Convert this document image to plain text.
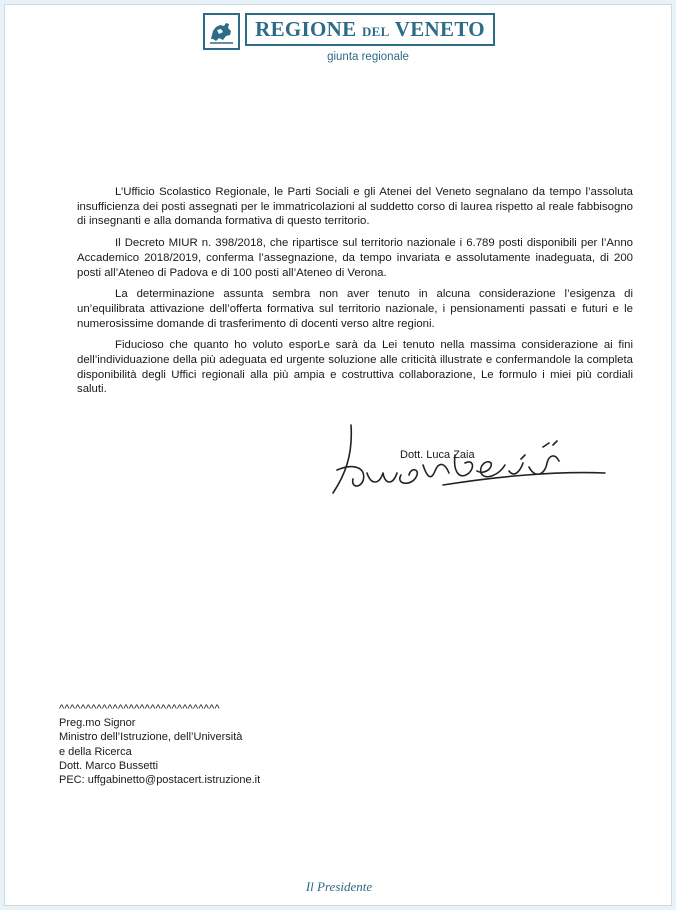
REGIONE DEL VENETO
giunta regionale

L’Ufficio Scolastico Regionale, le Parti Sociali e gli Atenei del Veneto segnalano da tempo l’assoluta insufficienza dei posti assegnati per le immatricolazioni al suddetto corso di laurea rispetto al reale fabbisogno di insegnanti e alla domanda formativa di questo territorio.

Il Decreto MIUR n. 398/2018, che ripartisce sul territorio nazionale i 6.789 posti disponibili per l’Anno Accademico 2018/2019, conferma l’assegnazione, da tempo invariata e assolutamente inadeguata, di 200 posti all’Ateneo di Padova e di 100 posti all’Ateneo di Verona.

La determinazione assunta sembra non aver tenuto in alcuna considerazione l’esigenza di un’equilibrata attivazione dell’offerta formativa sul territorio nazionale, i pensionamenti passati e futuri e le numerosissime domande di trasferimento di docenti verso altre regioni.

Fiducioso che quanto ho voluto esporLe sarà da Lei tenuto nella massima considerazione ai fini dell’individuazione della più adeguata ed urgente soluzione alle criticità illustrate e confermandole la completa disponibilità degli Uffici regionali alla più ampia e costruttiva collaborazione, Le formulo i miei più cordiali saluti.

Dott. Luca Zaia
^^^^^^^^^^^^^^^^^^^^^^^^^^^^^^
Preg.mo Signor
Ministro dell’Istruzione, dell’Università
e della Ricerca
Dott. Marco Bussetti
PEC: uffgabinetto@postacert.istruzione.it
Il Presidente
